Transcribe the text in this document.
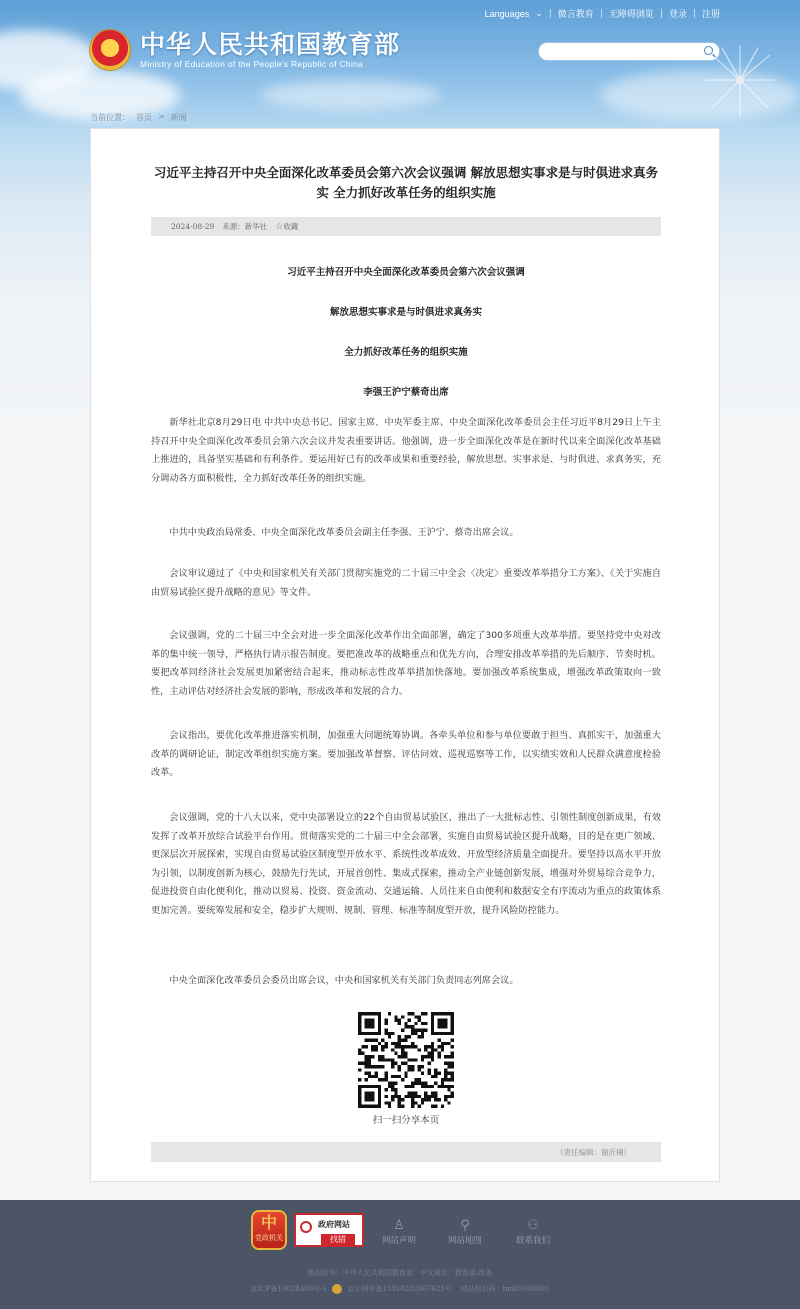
Languages ⌄ | 微言教育 | 无障碍浏览 | 登录 | 注册
中华人民共和国教育部
Ministry of Education of the People's Republic of China
当前位置： 首页 > 新闻
习近平主持召开中央全面深化改革委员会第六次会议强调 解放思想实事求是与时俱进求真务实 全力抓好改革任务的组织实施
2024-08-29 来源：新华社 ☆收藏
习近平主持召开中央全面深化改革委员会第六次会议强调
解放思想实事求是与时俱进求真务实
全力抓好改革任务的组织实施
李强王沪宁蔡奇出席
新华社北京8月29日电 中共中央总书记、国家主席、中央军委主席、中央全面深化改革委员会主任习近平8月29日上午主持召开中央全面深化改革委员会第六次会议并发表重要讲话。他强调，进一步全面深化改革是在新时代以来全面深化改革基础上推进的，具备坚实基础和有利条件。要运用好已有的改革成果和重要经验，解放思想、实事求是、与时俱进、求真务实，充分调动各方面积极性，全力抓好改革任务的组织实施。
中共中央政治局常委、中央全面深化改革委员会副主任李强、王沪宁、蔡奇出席会议。
会议审议通过了《中央和国家机关有关部门贯彻实施党的二十届三中全会〈决定〉重要改革举措分工方案》、《关于实施自由贸易试验区提升战略的意见》等文件。
会议强调，党的二十届三中全会对进一步全面深化改革作出全面部署，确定了300多项重大改革举措。要坚持党中央对改革的集中统一领导，严格执行请示报告制度。要把准改革的战略重点和优先方向，合理安排改革举措的先后顺序、节奏时机。要把改革同经济社会发展更加紧密结合起来，推动标志性改革举措加快落地。要加强改革系统集成，增强改革政策取向一致性，主动评估对经济社会发展的影响，形成改革和发展的合力。
会议指出，要优化改革推进落实机制，加强重大问题统筹协调。各牵头单位和参与单位要敢于担当、真抓实干，加强重大改革的调研论证，制定改革组织实施方案。要加强改革督察、评估问效、巡视巡察等工作，以实绩实效和人民群众满意度检验改革。
会议强调，党的十八大以来，党中央部署设立的22个自由贸易试验区，推出了一大批标志性、引领性制度创新成果，有效发挥了改革开放综合试验平台作用。贯彻落实党的二十届三中全会部署，实施自由贸易试验区提升战略，目的是在更广领域、更深层次开展探索，实现自由贸易试验区制度型开放水平、系统性改革成效、开放型经济质量全面提升。要坚持以高水平开放为引领，以制度创新为核心，鼓励先行先试，开展首创性、集成式探索，推动全产业链创新发展，增强对外贸易综合竞争力，促进投资自由化便利化，推动以贸易、投资、资金流动、交通运输、人员往来自由便利和数据安全有序流动为重点的政策体系更加完善。要统筹发展和安全，稳步扩大规则、规制、管理、标准等制度型开放，提升风险防控能力。
中央全面深化改革委员会委员出席会议，中央和国家机关有关部门负责同志列席会议。
扫一扫分享本页
（责任编辑：谢沂楠）
中
党政机关
政府网站
找错
♙
网站声明
⚲
网站地图
⚇
联系我们
版权所有：中华人民共和国教育部　中文域名：教育部.政务
京ICP备10028400号-1	京公网安备11010202007625号 网站标识码：bm05000001
